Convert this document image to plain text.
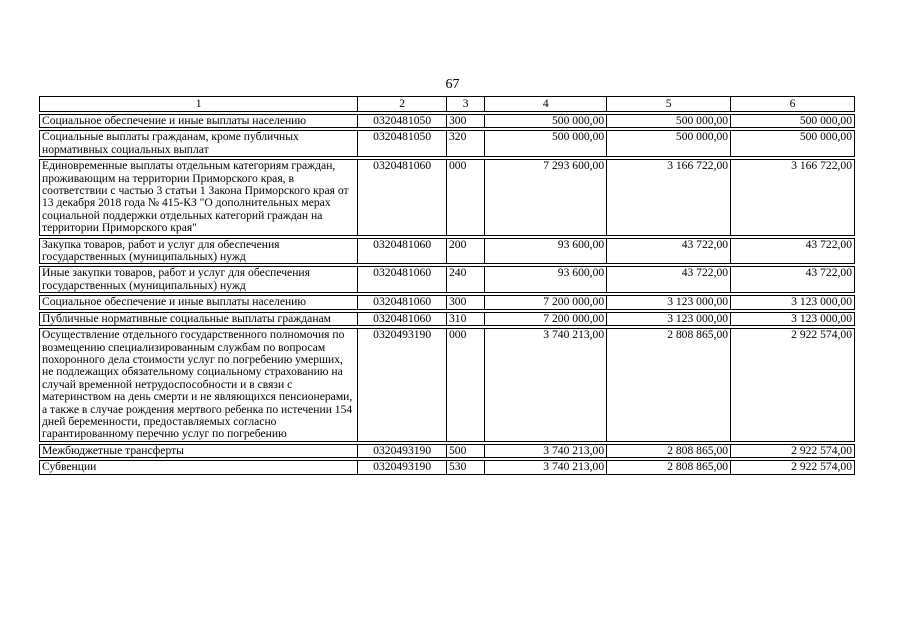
67
1	2	3	4	5	6
Социальное обеспечение и иные выплаты населению	0320481050	300	500 000,00	500 000,00	500 000,00
Социальные выплаты гражданам, кроме публичных нормативных социальных выплат	0320481050	320	500 000,00	500 000,00	500 000,00
Единовременные выплаты отдельным категориям граждан, проживающим на территории Приморского края, в соответствии с частью 3 статьи 1 Закона Приморского края от 13 декабря 2018 года № 415-КЗ "О дополнительных мерах социальной поддержки отдельных категорий граждан на территории Приморского края"	0320481060	000	7 293 600,00	3 166 722,00	3 166 722,00
Закупка товаров, работ и услуг для обеспечения государственных (муниципальных) нужд	0320481060	200	93 600,00	43 722,00	43 722,00
Иные закупки товаров, работ и услуг для обеспечения государственных (муниципальных) нужд	0320481060	240	93 600,00	43 722,00	43 722,00
Социальное обеспечение и иные выплаты населению	0320481060	300	7 200 000,00	3 123 000,00	3 123 000,00
Публичные нормативные социальные выплаты гражданам	0320481060	310	7 200 000,00	3 123 000,00	3 123 000,00
Осуществление отдельного государственного полномочия по возмещению специализированным службам по вопросам похоронного дела стоимости услуг по погребению умерших, не подлежащих обязательному социальному страхованию на случай временной нетрудоспособности и в связи с материнством на день смерти и не являющихся пенсионерами, а также в случае рождения мертвого ребенка по истечении 154 дней беременности, предоставляемых согласно гарантированному перечню услуг по погребению	0320493190	000	3 740 213,00	2 808 865,00	2 922 574,00
Межбюджетные трансферты	0320493190	500	3 740 213,00	2 808 865,00	2 922 574,00
Субвенции	0320493190	530	3 740 213,00	2 808 865,00	2 922 574,00
